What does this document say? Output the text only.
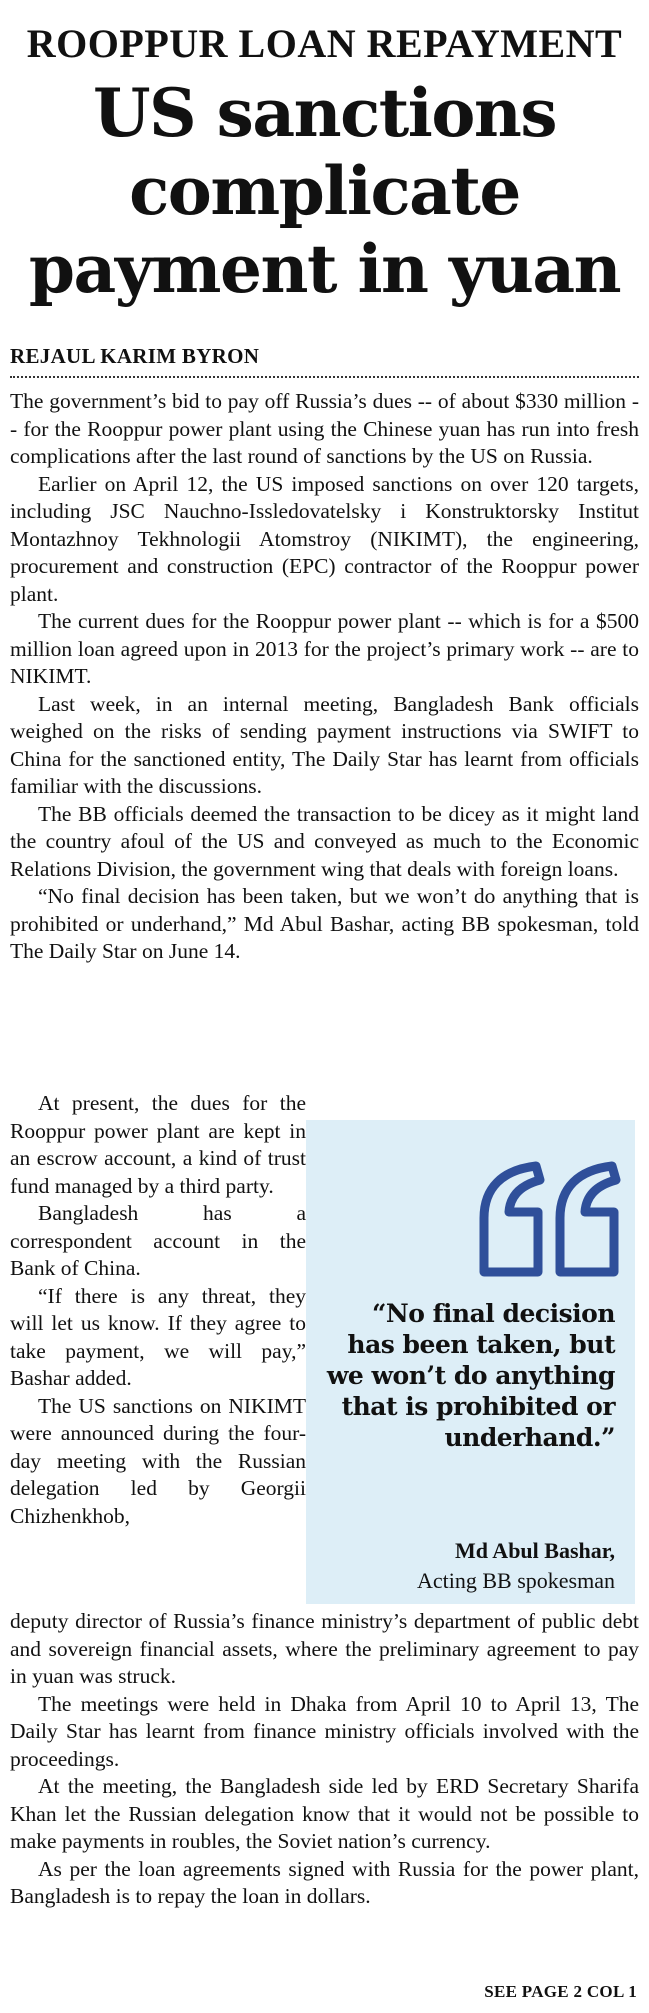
ROOPPUR LOAN REPAYMENT
US sanctions complicate payment in yuan
REJAUL KARIM BYRON

The government’s bid to pay off Russia’s dues -- of about $330 million -- for the Rooppur power plant using the Chinese yuan has run into fresh complications after the last round of sanctions by the US on Russia.

Earlier on April 12, the US imposed sanctions on over 120 targets, including JSC Nauchno-Issledovatelsky i Konstruktorsky Institut Montazhnoy Tekhnologii Atomstroy (NIKIMT), the engineering, procurement and construction (EPC) contractor of the Rooppur power plant.

The current dues for the Rooppur power plant -- which is for a $500 million loan agreed upon in 2013 for the project’s primary work -- are to NIKIMT.

Last week, in an internal meeting, Bangladesh Bank officials weighed on the risks of sending payment instructions via SWIFT to China for the sanctioned entity, The Daily Star has learnt from officials familiar with the discussions.

The BB officials deemed the transaction to be dicey as it might land the country afoul of the US and conveyed as much to the Economic Relations Division, the government wing that deals with foreign loans.

“No final decision has been taken, but we won’t do anything that is prohibited or underhand,” Md Abul Bashar, acting BB spokesman, told The Daily Star on June 14.

At present, the dues for the Rooppur power plant are kept in an escrow account, a kind of trust fund managed by a third party.

Bangladesh has a correspondent account in the Bank of China.

“If there is any threat, they will let us know. If they agree to take payment, we will pay,” Bashar added.

The US sanctions on NIKIMT were announced during the four-day meeting with the Russian delegation led by Georgii Chizhenkhob,

“No final decision has been taken, but we won’t do anything that is prohibited or underhand.”
Md Abul Bashar,
Acting BB spokesman

deputy director of Russia’s finance ministry’s department of public debt and sovereign financial assets, where the preliminary agreement to pay in yuan was struck.

The meetings were held in Dhaka from April 10 to April 13, The Daily Star has learnt from finance ministry officials involved with the proceedings.

At the meeting, the Bangladesh side led by ERD Secretary Sharifa Khan let the Russian delegation know that it would not be possible to make payments in roubles, the Soviet nation’s currency.

As per the loan agreements signed with Russia for the power plant, Bangladesh is to repay the loan in dollars.

SEE PAGE 2 COL 1
